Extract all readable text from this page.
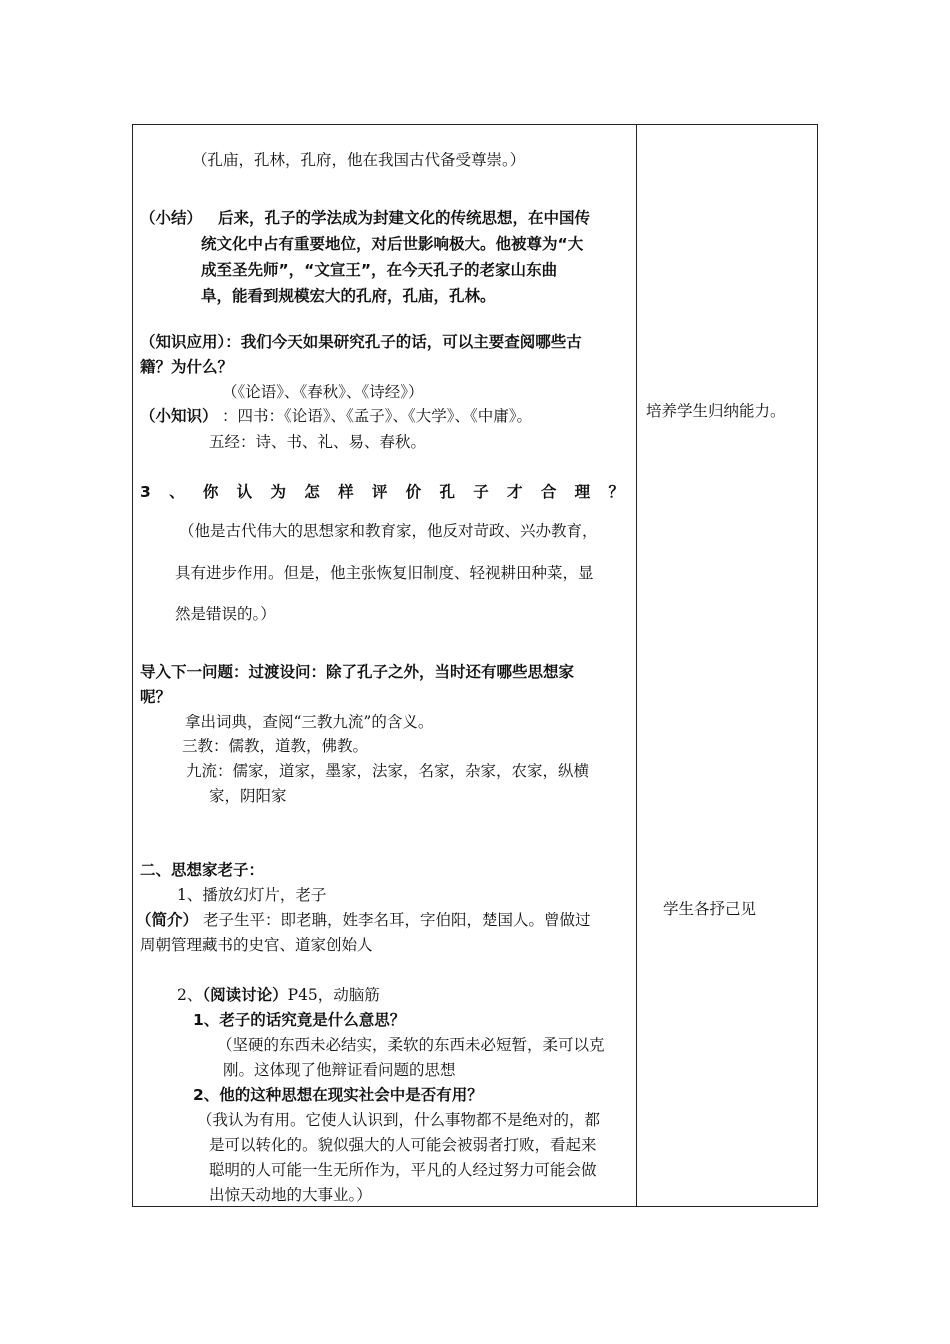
（孔庙，孔林，孔府，他在我国古代备受尊崇。）
（小结） 后来，孔子的学法成为封建文化的传统思想，在中国传
统文化中占有重要地位，对后世影响极大。他被尊为“大
成至圣先师”，“文宣王”，在今天孔子的老家山东曲
阜，能看到规模宏大的孔府，孔庙，孔林。
（知识应用）：我们今天如果研究孔子的话，可以主要查阅哪些古
籍？为什么？
（《论语》、《春秋》、《诗经》）
（小知识） ：四书：《论语》、《孟子》、《大学》、《中庸》。
五经：诗、书、礼、易、春秋。
3 、 你 认 为 怎 样 评 价 孔 子 才 合 理 ？
（他是古代伟大的思想家和教育家，他反对苛政、兴办教育，
具有进步作用。但是，他主张恢复旧制度、轻视耕田种菜，显
然是错误的。）
导入下一问题：过渡设问：除了孔子之外，当时还有哪些思想家
呢？
拿出词典，查阅“三教九流”的含义。
三教：儒教，道教，佛教。
九流：儒家，道家，墨家，法家，名家，杂家，农家，纵横
家，阴阳家
二、思想家老子：
1、播放幻灯片，老子
（简介） 老子生平：即老聃，姓李名耳，字伯阳，楚国人。曾做过
周朝管理藏书的史官、道家创始人
2、（阅读讨论）P45，动脑筋
1、老子的话究竟是什么意思？
（坚硬的东西未必结实，柔软的东西未必短暂，柔可以克
刚。这体现了他辩证看问题的思想
2、他的这种思想在现实社会中是否有用？
（我认为有用。它使人认识到，什么事物都不是绝对的，都
是可以转化的。貌似强大的人可能会被弱者打败，看起来
聪明的人可能一生无所作为，平凡的人经过努力可能会做
出惊天动地的大事业。）
培养学生归纳能力。
学生各抒己见
